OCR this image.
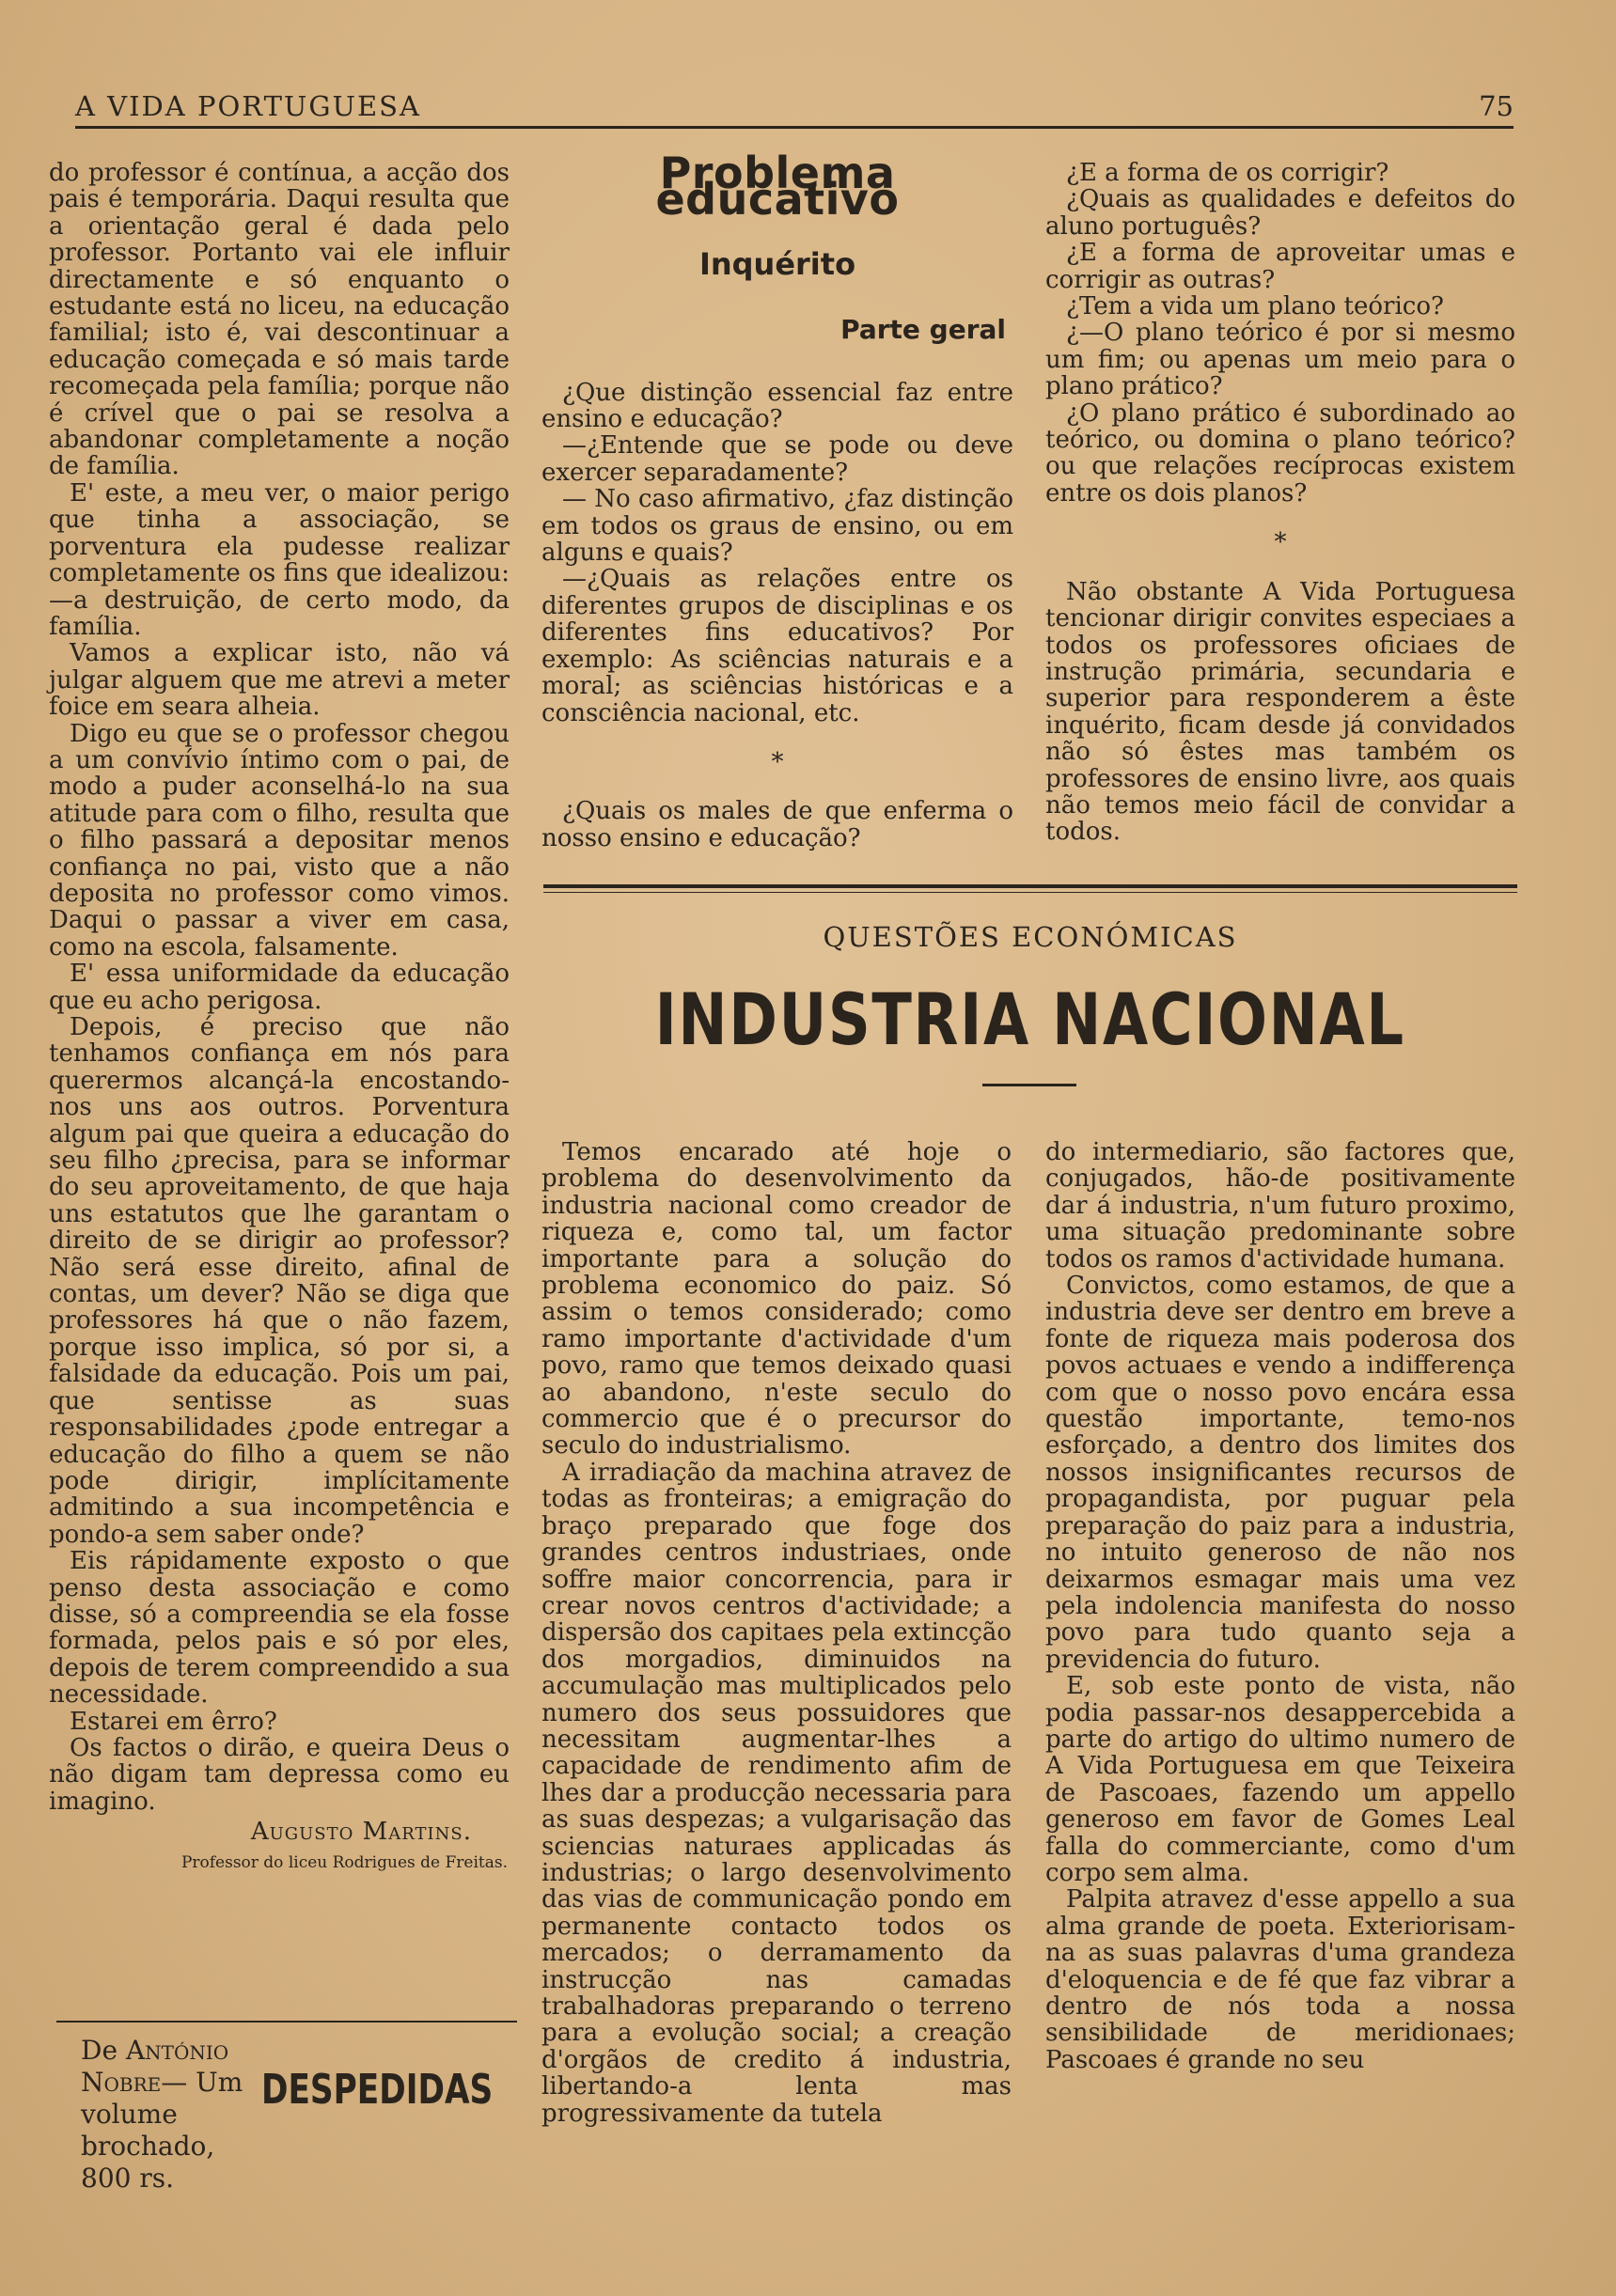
A VIDA PORTUGUESA	75

do professor é contínua, a acção dos pais é temporária. Daqui resulta que a orientação geral é dada pelo professor. Portanto vai ele influir directamente e só enquanto o estudante está no liceu, na educação familial; isto é, vai descontinuar a educação começada e só mais tarde recomeçada pela família; porque não é crível que o pai se resolva a abandonar completamente a noção de família.

E' este, a meu ver, o maior perigo que tinha a associação, se porventura ela pudesse realizar completamente os fins que idealizou:—a destruição, de certo modo, da família.

Vamos a explicar isto, não vá julgar alguem que me atrevi a meter foice em seara alheia.

Digo eu que se o professor chegou a um convívio íntimo com o pai, de modo a puder aconselhá-lo na sua atitude para com o filho, resulta que o filho passará a depositar menos confiança no pai, visto que a não deposita no professor como vimos. Daqui o passar a viver em casa, como na escola, falsamente.

E' essa uniformidade da educação que eu acho perigosa.

Depois, é preciso que não tenhamos confiança em nós para querermos alcançá-la encostando-nos uns aos outros. Porventura algum pai que queira a educação do seu filho ¿precisa, para se informar do seu aproveitamento, de que haja uns estatutos que lhe garantam o direito de se dirigir ao professor? Não será esse direito, afinal de contas, um dever? Não se diga que professores há que o não fazem, porque isso implica, só por si, a falsidade da educação. Pois um pai, que sentisse as suas responsabilidades ¿pode entregar a educação do filho a quem se não pode dirigir, implícitamente admitindo a sua incompetência e pondo-a sem saber onde?

Eis rápidamente exposto o que penso desta associação e como disse, só a compreendia se ela fosse formada, pelos pais e só por eles, depois de terem compreendido a sua necessidade.

Estarei em êrro?

Os factos o dirão, e queira Deus o não digam tam depressa como eu imagino.

Augusto Martins.

Professor do liceu Rodrigues de Freitas.

De António Nobre— Um volume brochado, 800 rs.
DESPEDIDAS
Problema educativo
Inquérito
Parte geral

¿Que distinção essencial faz entre ensino e educação?

—¿Entende que se pode ou deve exercer separadamente?

— No caso afirmativo, ¿faz distinção em todos os graus de ensino, ou em alguns e quais?

—¿Quais as relações entre os diferentes grupos de disciplinas e os diferentes fins educativos? Por exemplo: As sciências naturais e a moral; as sciências históricas e a consciência nacional, etc.

*

¿Quais os males de que enferma o nosso ensino e educação?

¿E a forma de os corrigir?

¿Quais as qualidades e defeitos do aluno português?

¿E a forma de aproveitar umas e corrigir as outras?

¿Tem a vida um plano teórico?

¿—O plano teórico é por si mesmo um fim; ou apenas um meio para o plano prático?

¿O plano prático é subordinado ao teórico, ou domina o plano teórico? ou que relações recíprocas existem entre os dois planos?

*

Não obstante A Vida Portuguesa tencionar dirigir convites especiaes a todos os professores oficiaes de instrução primária, secundaria e superior para responderem a êste inquérito, ficam desde já convidados não só êstes mas também os professores de ensino livre, aos quais não temos meio fácil de convidar a todos.

QUESTÕES ECONÓMICAS
INDUSTRIA NACIONAL

Temos encarado até hoje o problema do desenvolvimento da industria nacional como creador de riqueza e, como tal, um factor importante para a solução do problema economico do paiz. Só assim o temos considerado; como ramo importante d'actividade d'um povo, ramo que temos deixado quasi ao abandono, n'este seculo do commercio que é o precursor do seculo do industrialismo.

A irradiação da machina atravez de todas as fronteiras; a emigração do braço preparado que foge dos grandes centros industriaes, onde soffre maior concorrencia, para ir crear novos centros d'actividade; a dispersão dos capitaes pela extincção dos morgadios, diminuidos na accumulação mas multiplicados pelo numero dos seus possuidores que necessitam augmentar-lhes a capacidade de rendimento afim de lhes dar a producção necessaria para as suas despezas; a vulgarisação das sciencias naturaes applicadas ás industrias; o largo desenvolvimento das vias de communicação pondo em permanente contacto todos os mercados; o derramamento da instrucção nas camadas trabalhadoras preparando o terreno para a evolução social; a creação d'orgãos de credito á industria, libertando-a lenta mas progressivamente da tutela

do intermediario, são factores que, conjugados, hão-de positivamente dar á industria, n'um futuro proximo, uma situação predominante sobre todos os ramos d'actividade humana.

Convictos, como estamos, de que a industria deve ser dentro em breve a fonte de riqueza mais poderosa dos povos actuaes e vendo a indifferença com que o nosso povo encára essa questão importante, temo-nos esforçado, a dentro dos limites dos nossos insignificantes recursos de propagandista, por puguar pela preparação do paiz para a industria, no intuito generoso de não nos deixarmos esmagar mais uma vez pela indolencia manifesta do nosso povo para tudo quanto seja a previdencia do futuro.

E, sob este ponto de vista, não podia passar-nos desappercebida a parte do artigo do ultimo numero de A Vida Portuguesa em que Teixeira de Pascoaes, fazendo um appello generoso em favor de Gomes Leal falla do commerciante, como d'um corpo sem alma.

Palpita atravez d'esse appello a sua alma grande de poeta. Exteriorisam-na as suas palavras d'uma grandeza d'eloquencia e de fé que faz vibrar a dentro de nós toda a nossa sensibilidade de meridionaes; Pascoaes é grande no seu
